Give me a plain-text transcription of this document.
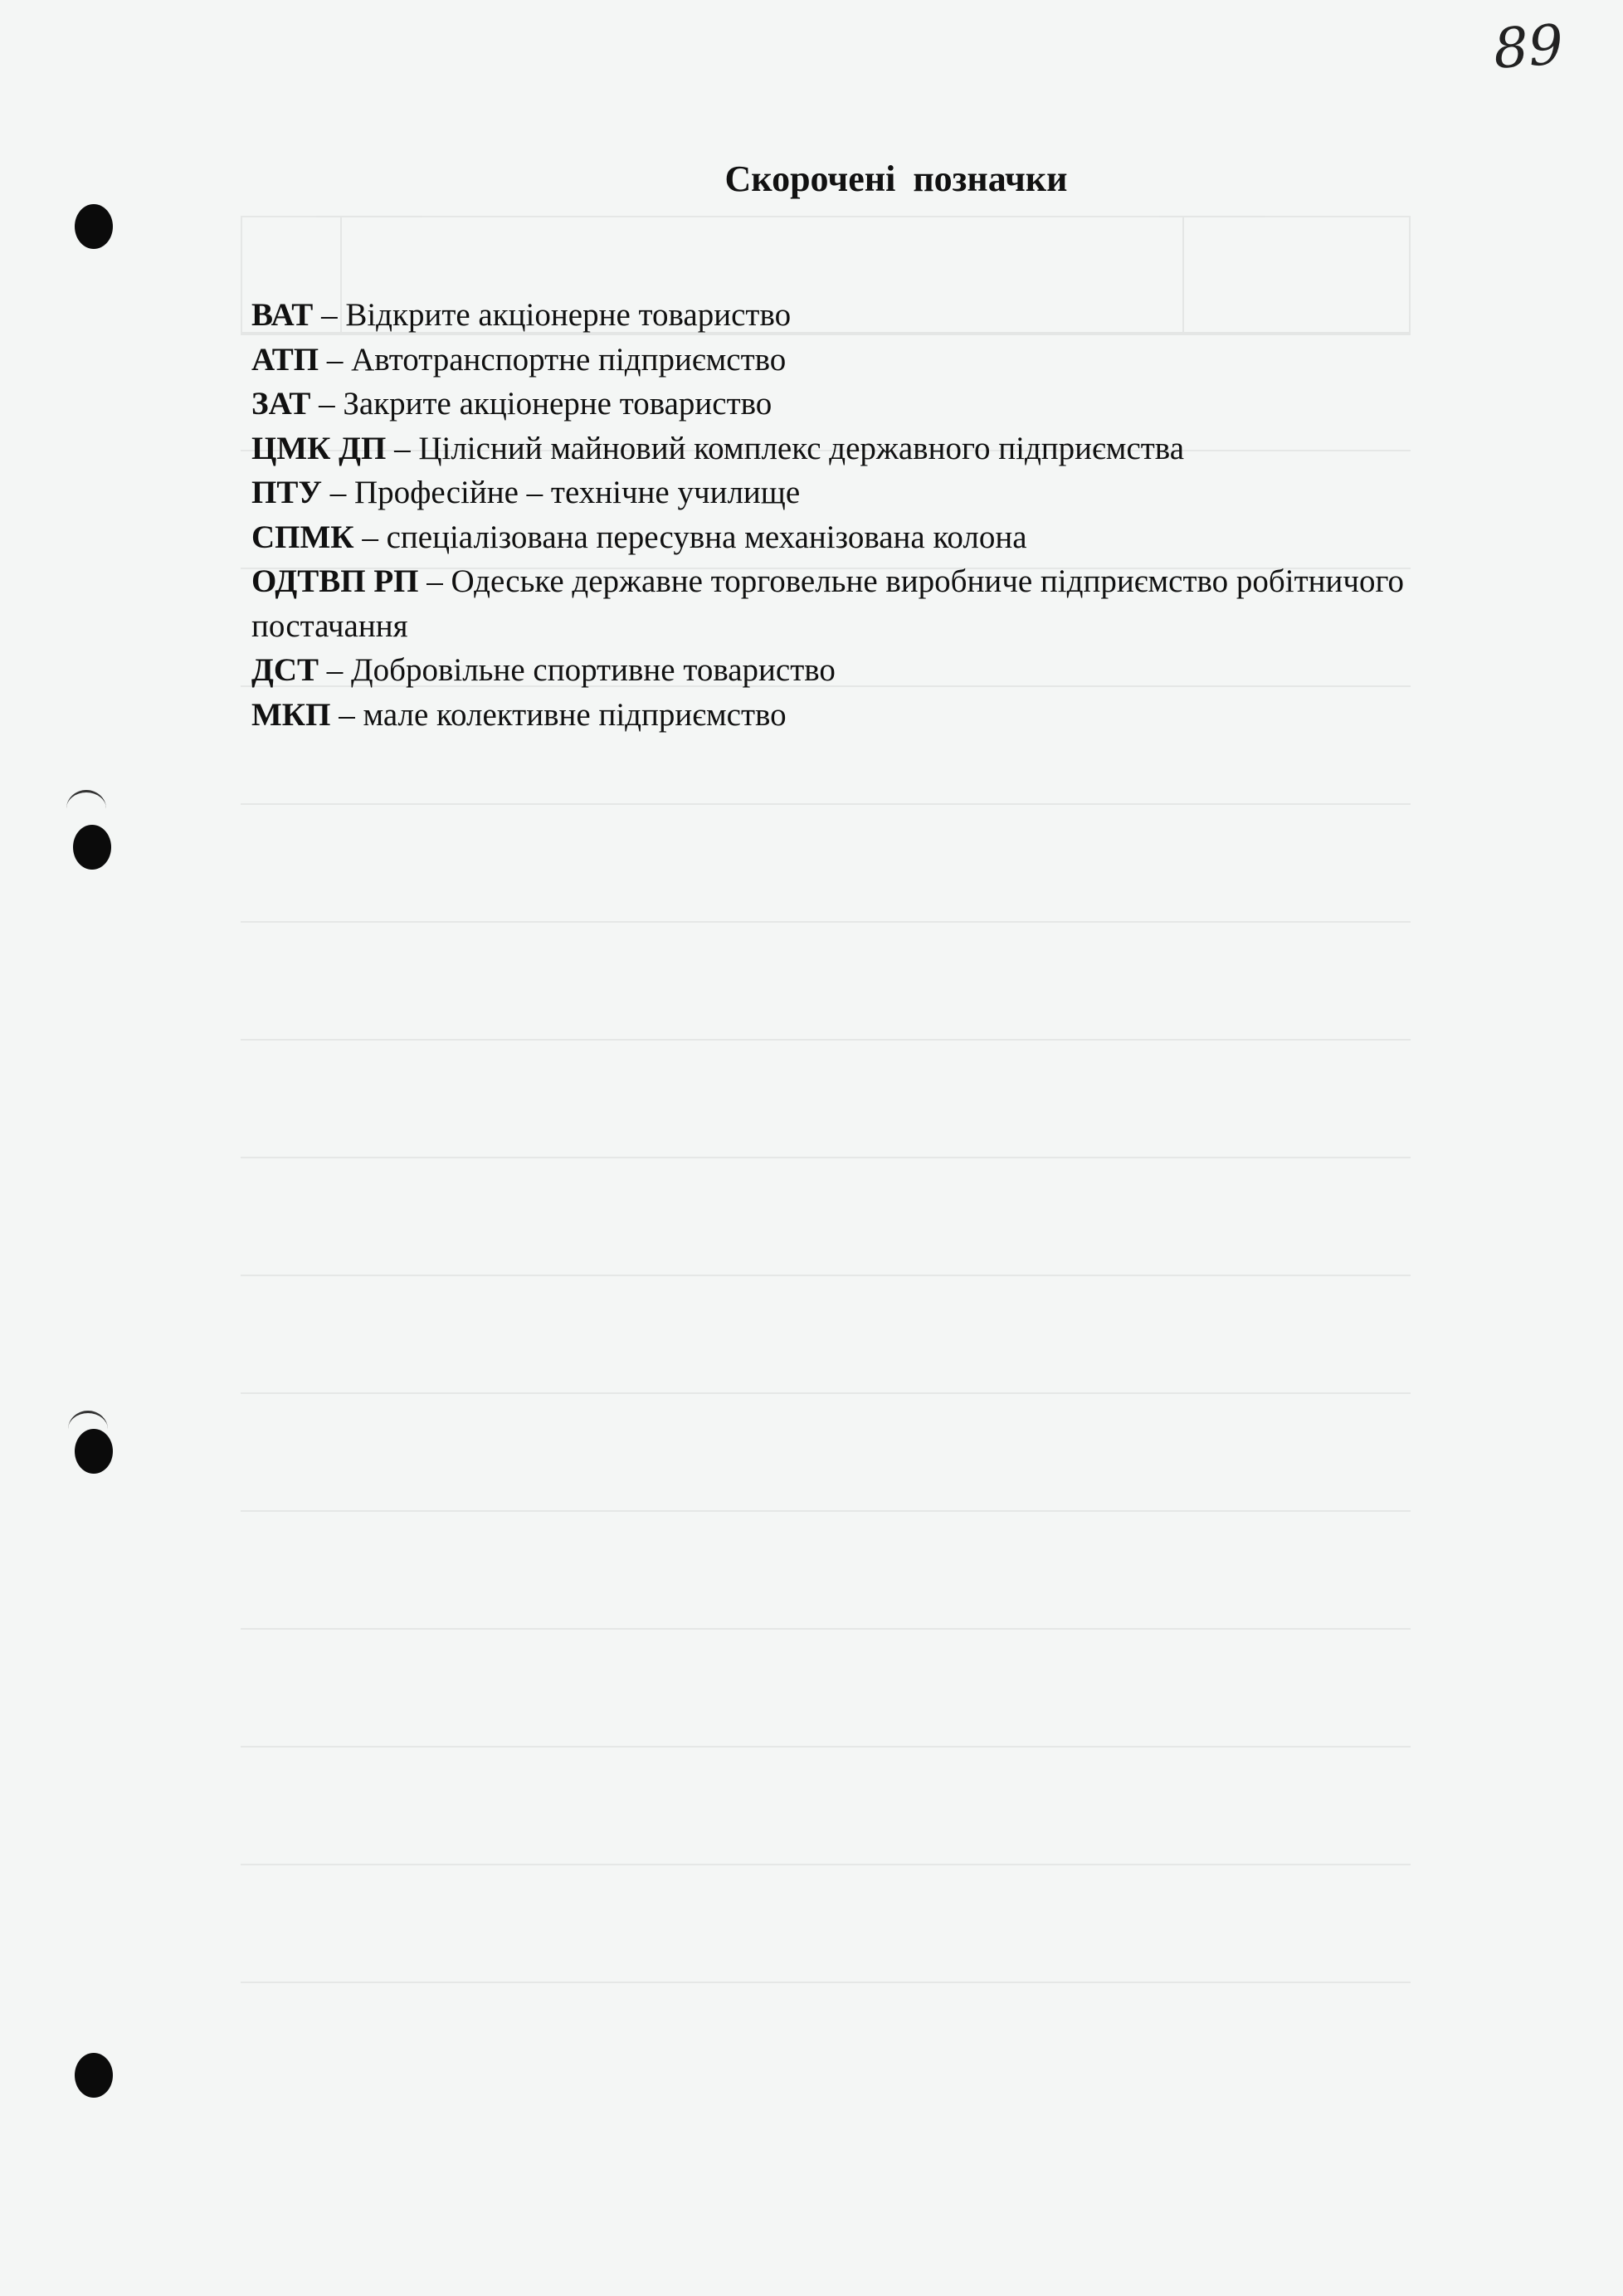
89
Скорочені позначки
ВАТ – Відкрите акціонерне товариство
АТП – Автотранспортне підприємство
ЗАТ – Закрите акціонерне товариство
ЦМК ДП – Цілісний майновий комплекс державного підприємства
ПТУ – Професійне – технічне училище
СПМК – спеціалізована пересувна механізована колона
ОДТВП РП – Одеське державне торговельне виробниче підприємство робітничого постачання
ДСТ – Добровільне спортивне товариство
МКП – мале колективне підприємство
